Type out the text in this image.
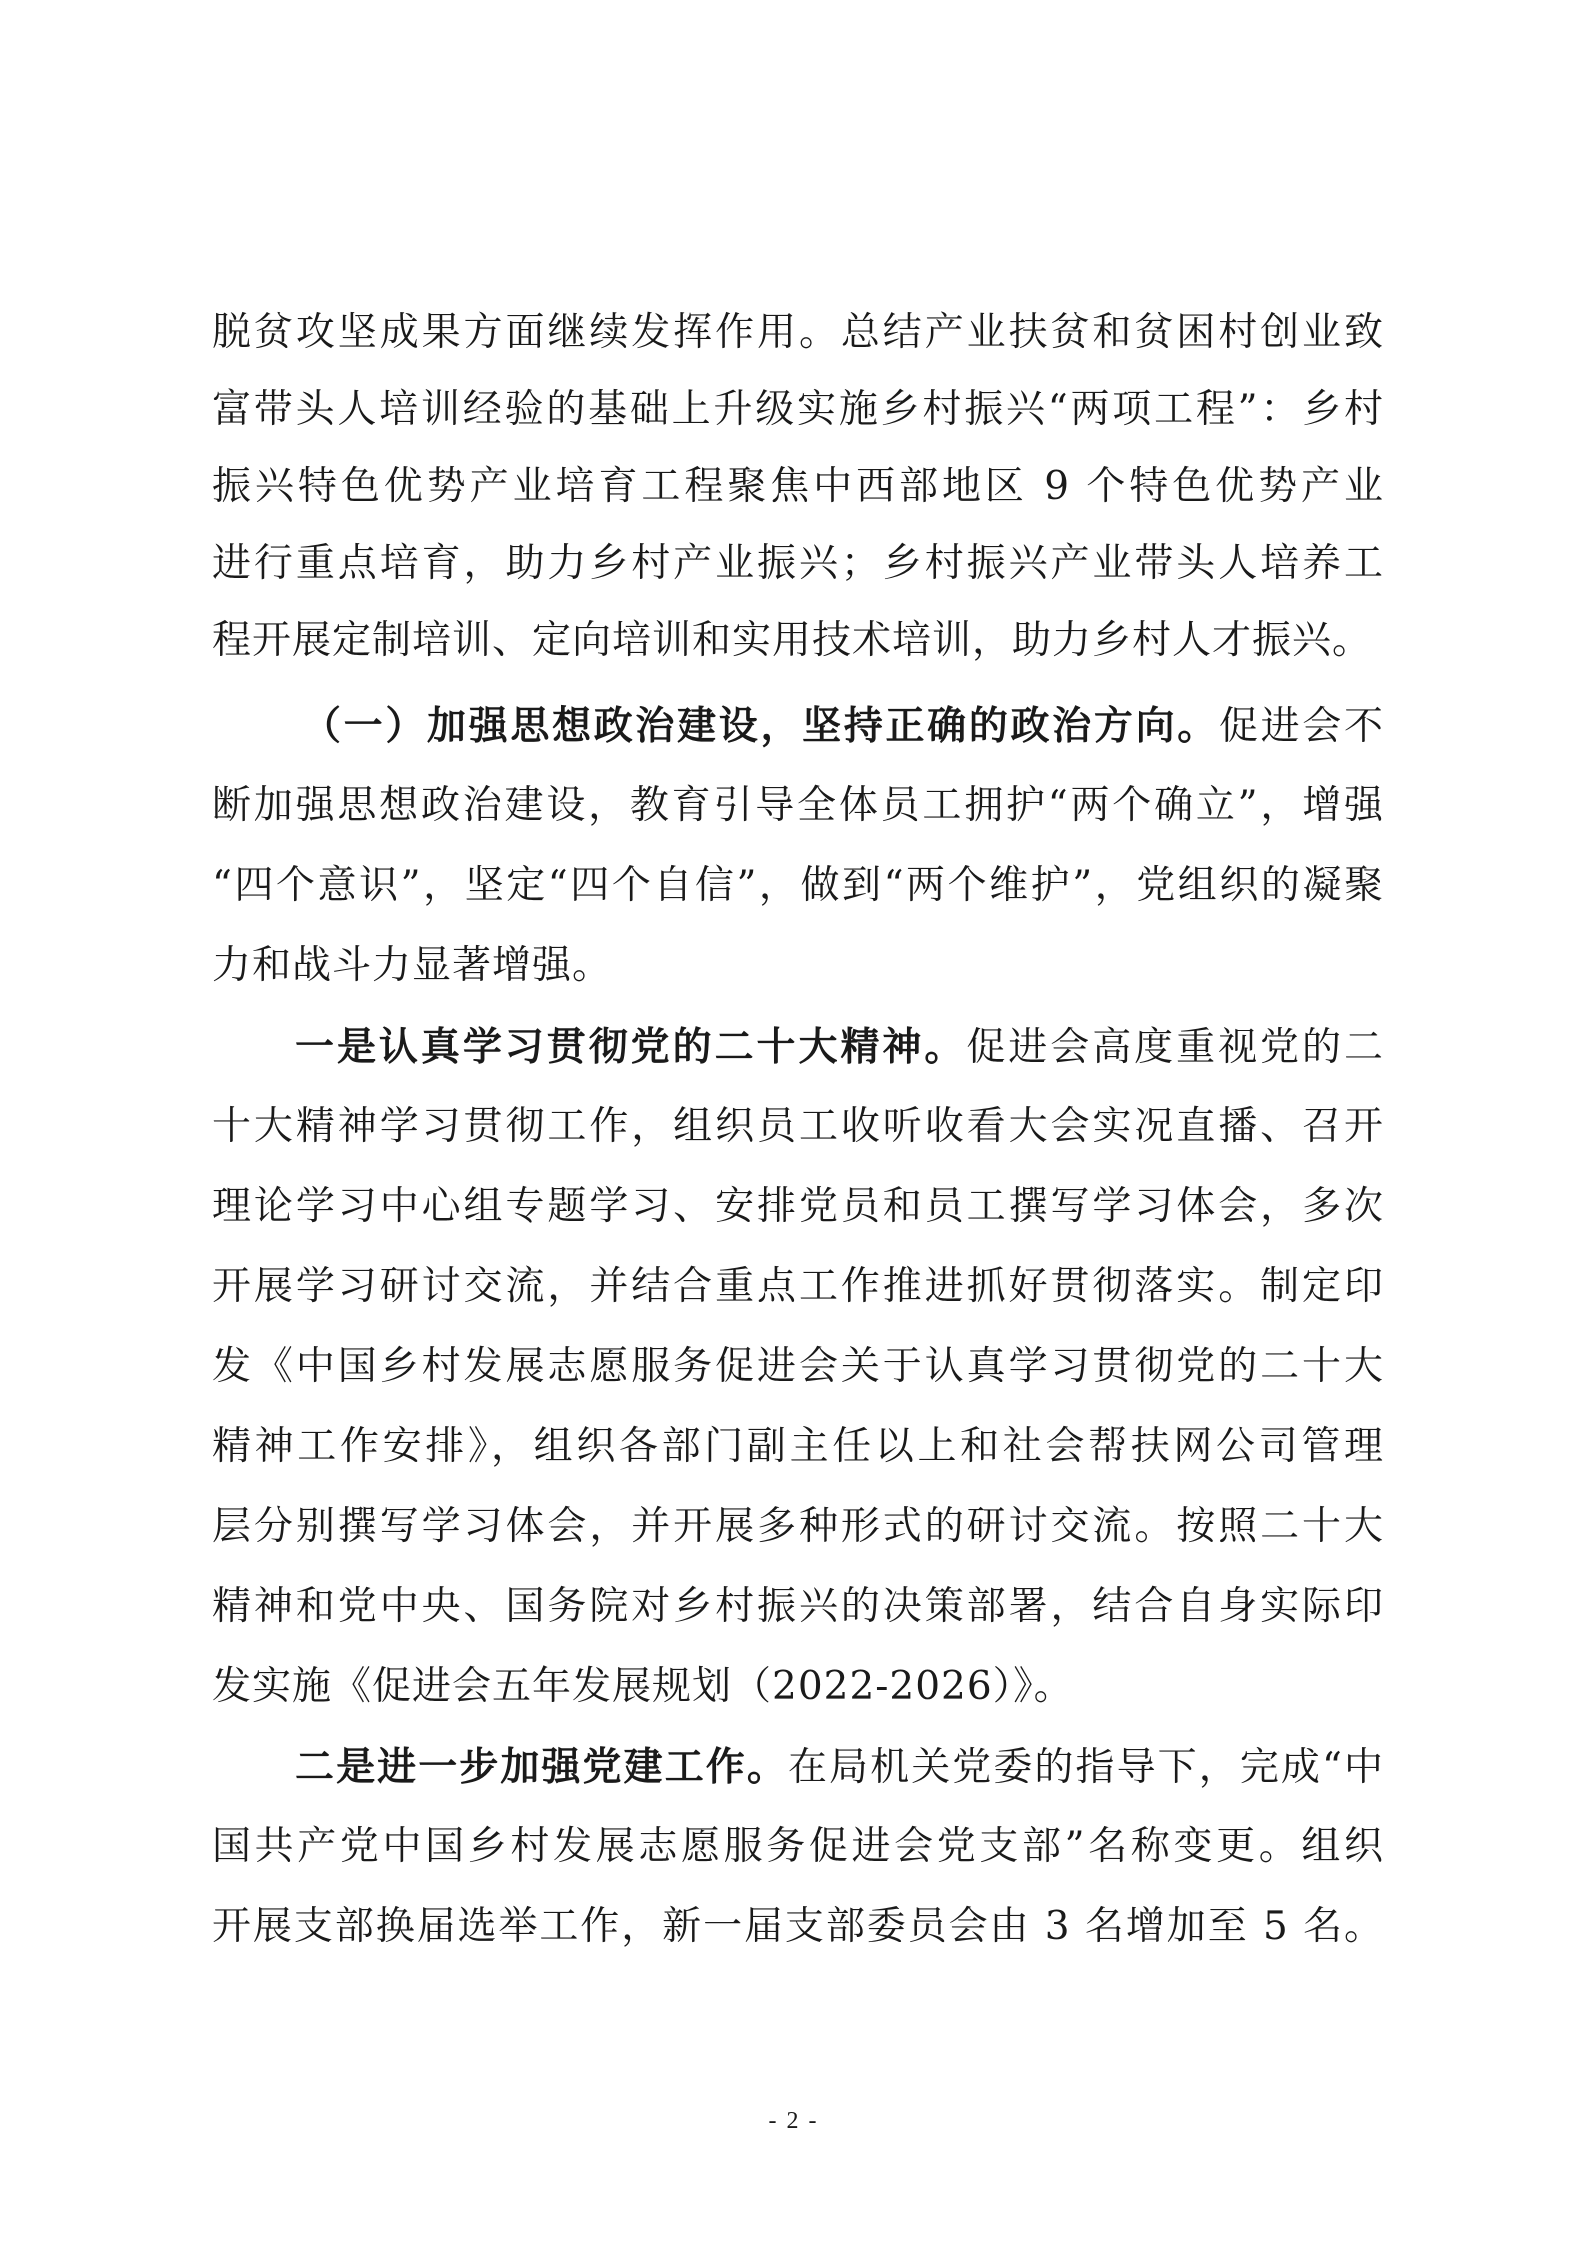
脱贫攻坚成果方面继续发挥作用。总结产业扶贫和贫困村创业致
富带头人培训经验的基础上升级实施乡村振兴“两项工程”：乡村
振兴特色优势产业培育工程聚焦中西部地区 9 个特色优势产业
进行重点培育，助力乡村产业振兴；乡村振兴产业带头人培养工
程开展定制培训、定向培训和实用技术培训，助力乡村人才振兴。
（一）加强思想政治建设，坚持正确的政治方向。促进会不
断加强思想政治建设，教育引导全体员工拥护“两个确立”，增强
“四个意识”，坚定“四个自信”，做到“两个维护”，党组织的凝聚
力和战斗力显著增强。
一是认真学习贯彻党的二十大精神。促进会高度重视党的二
十大精神学习贯彻工作，组织员工收听收看大会实况直播、召开
理论学习中心组专题学习、安排党员和员工撰写学习体会，多次
开展学习研讨交流，并结合重点工作推进抓好贯彻落实。制定印
发《中国乡村发展志愿服务促进会关于认真学习贯彻党的二十大
精神工作安排》，组织各部门副主任以上和社会帮扶网公司管理
层分别撰写学习体会，并开展多种形式的研讨交流。按照二十大
精神和党中央、国务院对乡村振兴的决策部署，结合自身实际印
发实施《促进会五年发展规划（2022-2026）》。
二是进一步加强党建工作。在局机关党委的指导下，完成“中
国共产党中国乡村发展志愿服务促进会党支部”名称变更。组织
开展支部换届选举工作，新一届支部委员会由 3 名增加至 5 名。
- 2 -
